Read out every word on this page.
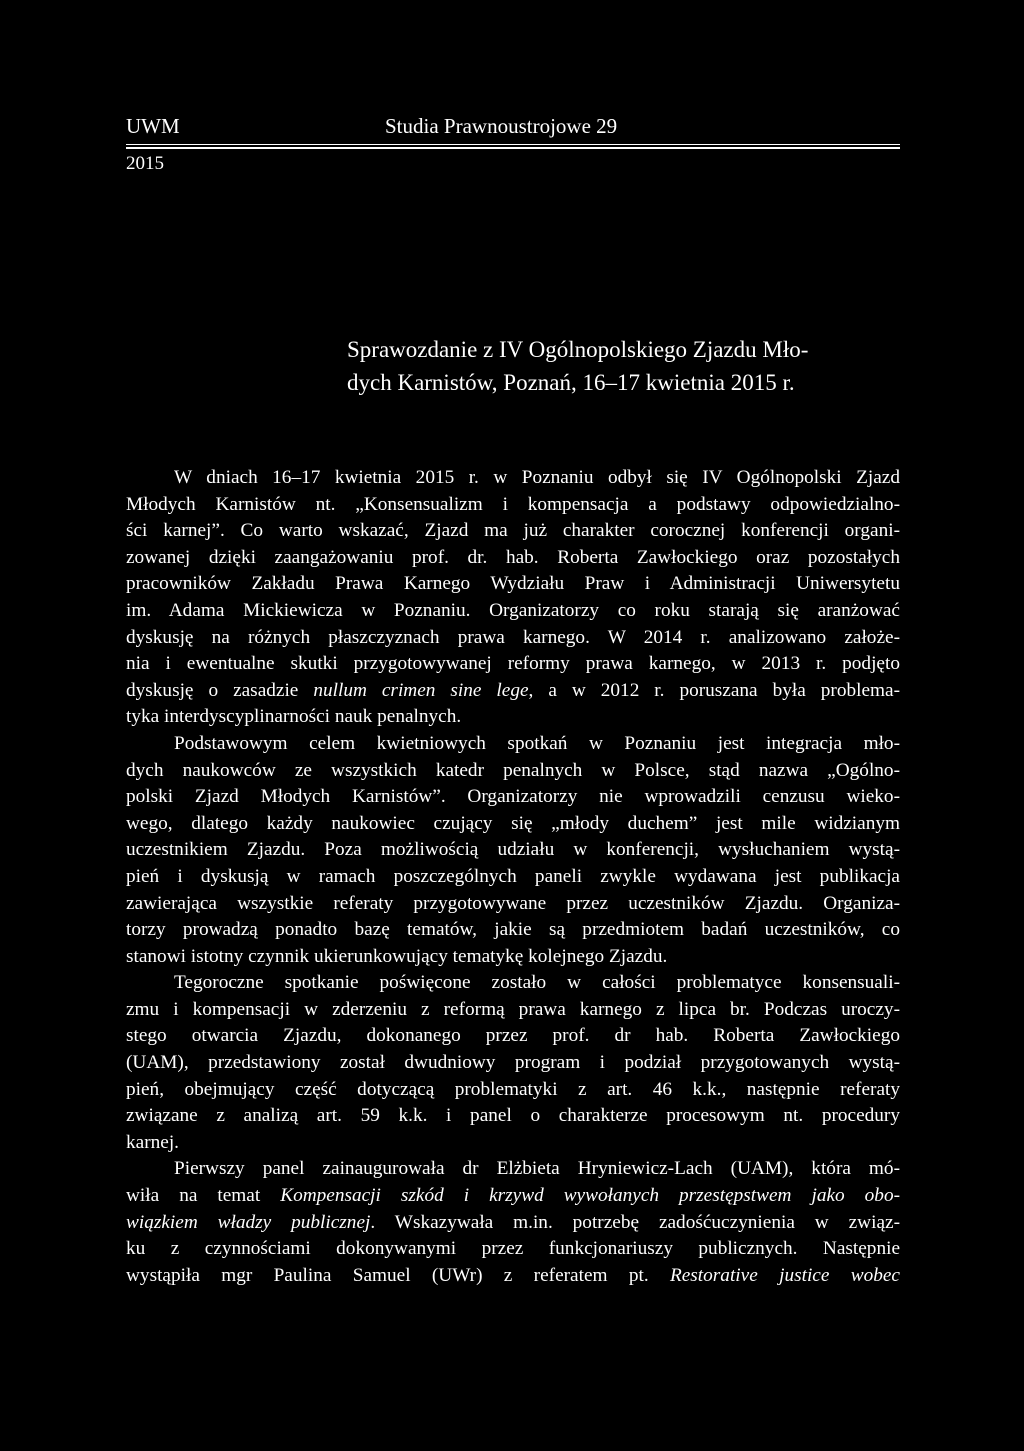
UWM	Studia Prawnoustrojowe 29
2015
Sprawozdanie z IV Ogólnopolskiego Zjazdu Mło-
dych Karnistów, Poznań, 16–17 kwietnia 2015 r.
W dniach 16–17 kwietnia 2015 r. w Poznaniu odbył się IV Ogólnopolski Zjazd
Młodych Karnistów nt. „Konsensualizm i kompensacja a podstawy odpowiedzialno-
ści karnej”. Co warto wskazać, Zjazd ma już charakter corocznej konferencji organi-
zowanej dzięki zaangażowaniu prof. dr. hab. Roberta Zawłockiego oraz pozostałych
pracowników Zakładu Prawa Karnego Wydziału Praw i Administracji Uniwersytetu
im. Adama Mickiewicza w Poznaniu. Organizatorzy co roku starają się aranżować
dyskusję na różnych płaszczyznach prawa karnego. W 2014 r. analizowano założe-
nia i ewentualne skutki przygotowywanej reformy prawa karnego, w 2013 r. podjęto
dyskusję o zasadzie nullum crimen sine lege, a w 2012 r. poruszana była problema-
tyka interdyscyplinarności nauk penalnych.
Podstawowym celem kwietniowych spotkań w Poznaniu jest integracja mło-
dych naukowców ze wszystkich katedr penalnych w Polsce, stąd nazwa „Ogólno-
polski Zjazd Młodych Karnistów”. Organizatorzy nie wprowadzili cenzusu wieko-
wego, dlatego każdy naukowiec czujący się „młody duchem” jest mile widzianym
uczestnikiem Zjazdu. Poza możliwością udziału w konferencji, wysłuchaniem wystą-
pień i dyskusją w ramach poszczególnych paneli zwykle wydawana jest publikacja
zawierająca wszystkie referaty przygotowywane przez uczestników Zjazdu. Organiza-
torzy prowadzą ponadto bazę tematów, jakie są przedmiotem badań uczestników, co
stanowi istotny czynnik ukierunkowujący tematykę kolejnego Zjazdu.
Tegoroczne spotkanie poświęcone zostało w całości problematyce konsensuali-
zmu i kompensacji w zderzeniu z reformą prawa karnego z lipca br. Podczas uroczy-
stego otwarcia Zjazdu, dokonanego przez prof. dr hab. Roberta Zawłockiego
(UAM), przedstawiony został dwudniowy program i podział przygotowanych wystą-
pień, obejmujący część dotyczącą problematyki z art. 46 k.k., następnie referaty
związane z analizą art. 59 k.k. i panel o charakterze procesowym nt. procedury
karnej.
Pierwszy panel zainaugurowała dr Elżbieta Hryniewicz-Lach (UAM), która mó-
wiła na temat Kompensacji szkód i krzywd wywołanych przestępstwem jako obo-
wiązkiem władzy publicznej. Wskazywała m.in. potrzebę zadośćuczynienia w związ-
ku z czynnościami dokonywanymi przez funkcjonariuszy publicznych. Następnie
wystąpiła mgr Paulina Samuel (UWr) z referatem pt. Restorative justice wobec
